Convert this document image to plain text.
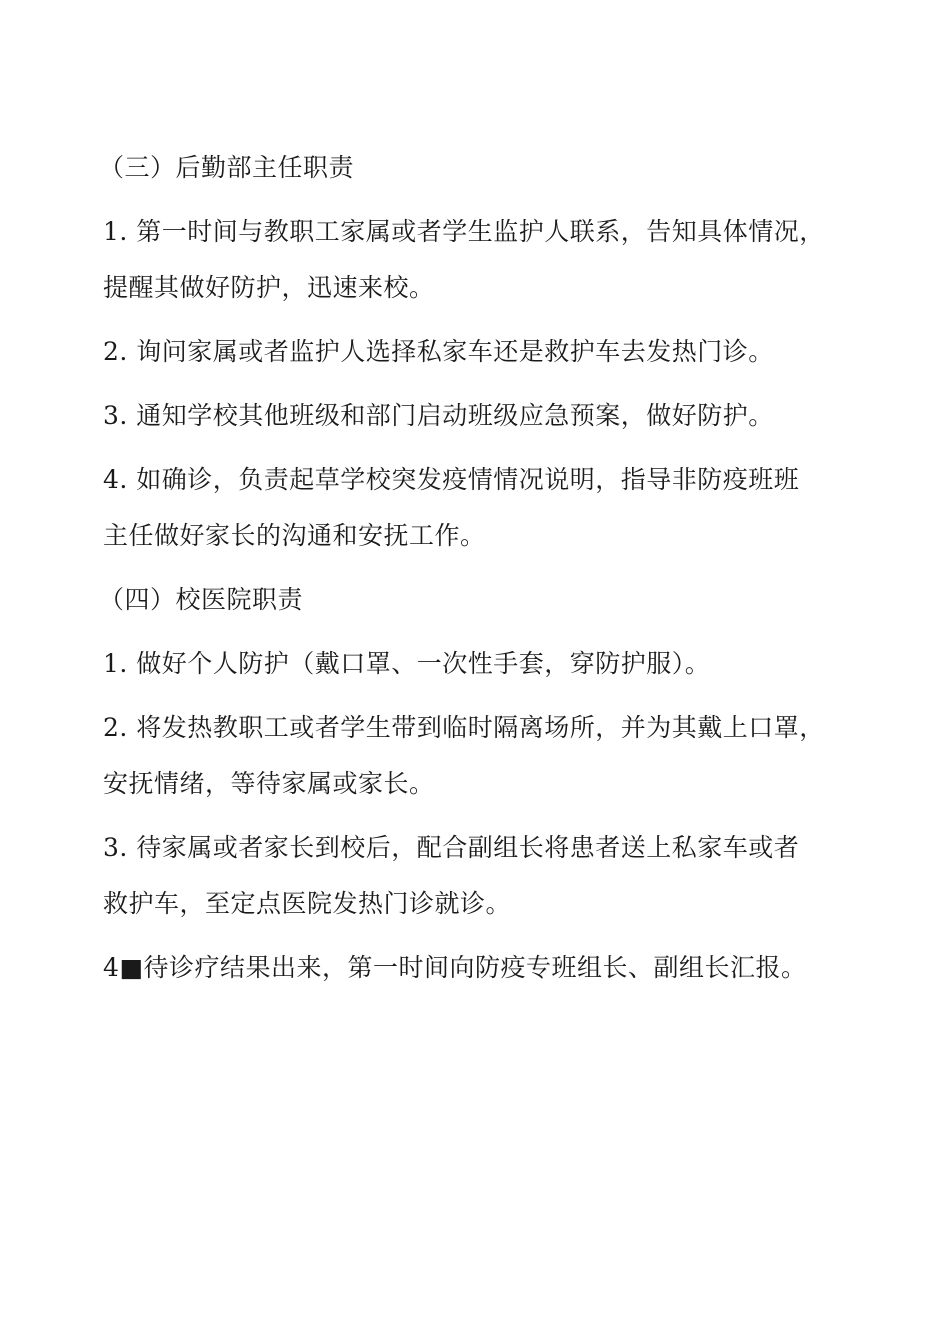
（三）后勤部主任职责

1. 第一时间与教职工家属或者学生监护人联系，告知具体情况，
提醒其做好防护，迅速来校。

2. 询问家属或者监护人选择私家车还是救护车去发热门诊。

3. 通知学校其他班级和部门启动班级应急预案，做好防护。

4. 如确诊，负责起草学校突发疫情情况说明，指导非防疫班班
主任做好家长的沟通和安抚工作。

（四）校医院职责

1. 做好个人防护（戴口罩、一次性手套，穿防护服）。

2. 将发热教职工或者学生带到临时隔离场所，并为其戴上口罩，
安抚情绪，等待家属或家长。

3. 待家属或者家长到校后，配合副组长将患者送上私家车或者
救护车，至定点医院发热门诊就诊。

4■待诊疗结果出来，第一时间向防疫专班组长、副组长汇报。
